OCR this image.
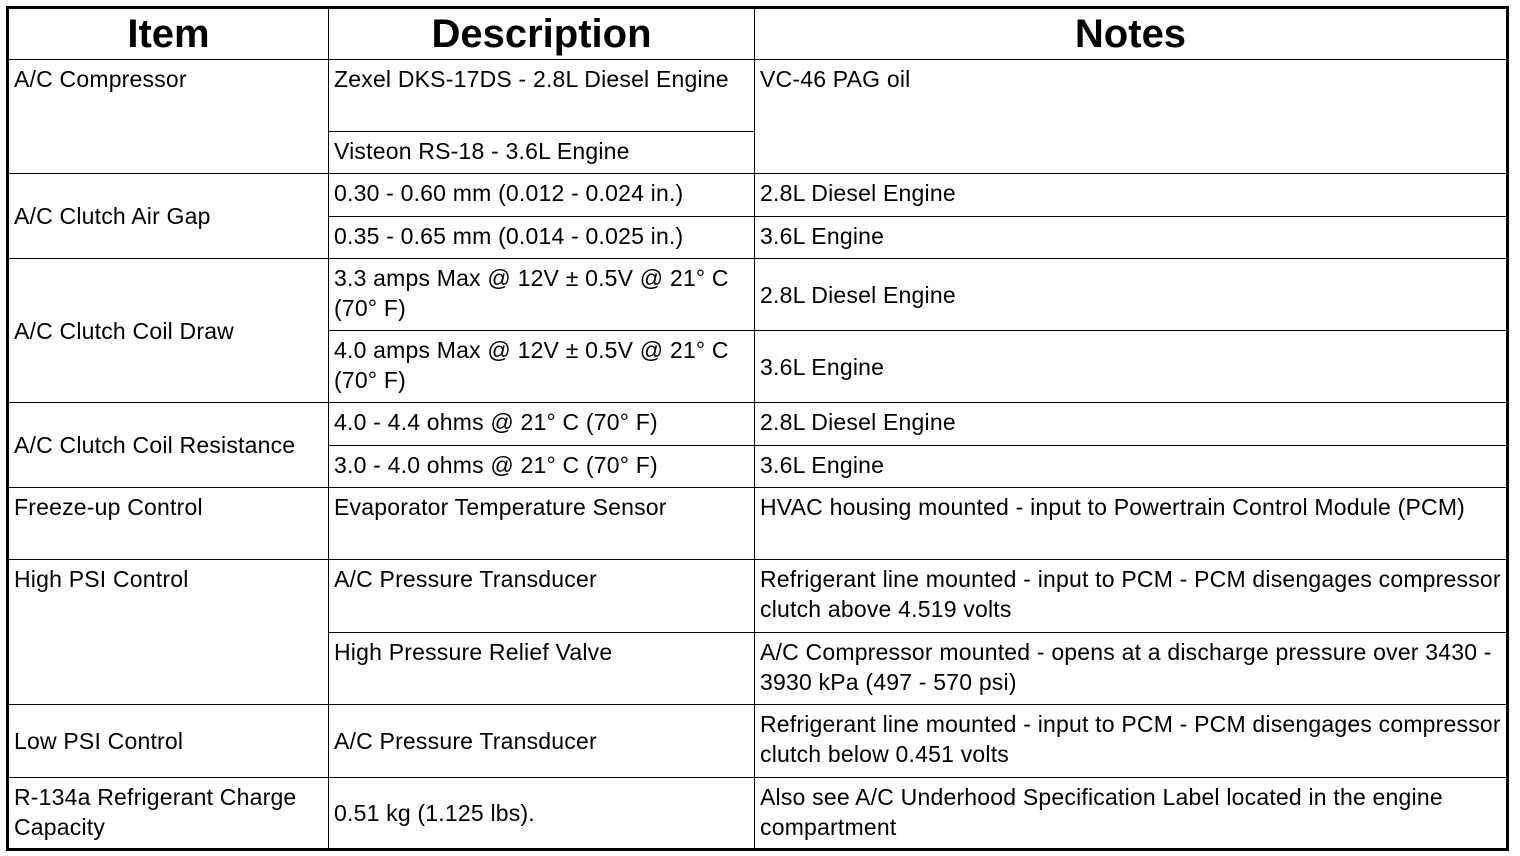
Item	Description	Notes
A/C Compressor	Zexel DKS-17DS - 2.8L Diesel Engine	VC-46 PAG oil
	Visteon RS-18 - 3.6L Engine	
A/C Clutch Air Gap	0.30 - 0.60 mm (0.012 - 0.024 in.)	2.8L Diesel Engine
	0.35 - 0.65 mm (0.014 - 0.025 in.)	3.6L Engine
A/C Clutch Coil Draw	3.3 amps Max @ 12V ± 0.5V @ 21° C (70° F)	2.8L Diesel Engine
	4.0 amps Max @ 12V ± 0.5V @ 21° C (70° F)	3.6L Engine
A/C Clutch Coil Resistance	4.0 - 4.4 ohms @ 21° C (70° F)	2.8L Diesel Engine
	3.0 - 4.0 ohms @ 21° C (70° F)	3.6L Engine
Freeze-up Control	Evaporator Temperature Sensor	HVAC housing mounted - input to Powertrain Control Module (PCM)
High PSI Control	A/C Pressure Transducer	Refrigerant line mounted - input to PCM - PCM disengages compressor clutch above 4.519 volts
	High Pressure Relief Valve	A/C Compressor mounted - opens at a discharge pressure over 3430 - 3930 kPa (497 - 570 psi)
Low PSI Control	A/C Pressure Transducer	Refrigerant line mounted - input to PCM - PCM disengages compressor clutch below 0.451 volts
R-134a Refrigerant Charge Capacity	0.51 kg (1.125 lbs).	Also see A/C Underhood Specification Label located in the engine compartment
